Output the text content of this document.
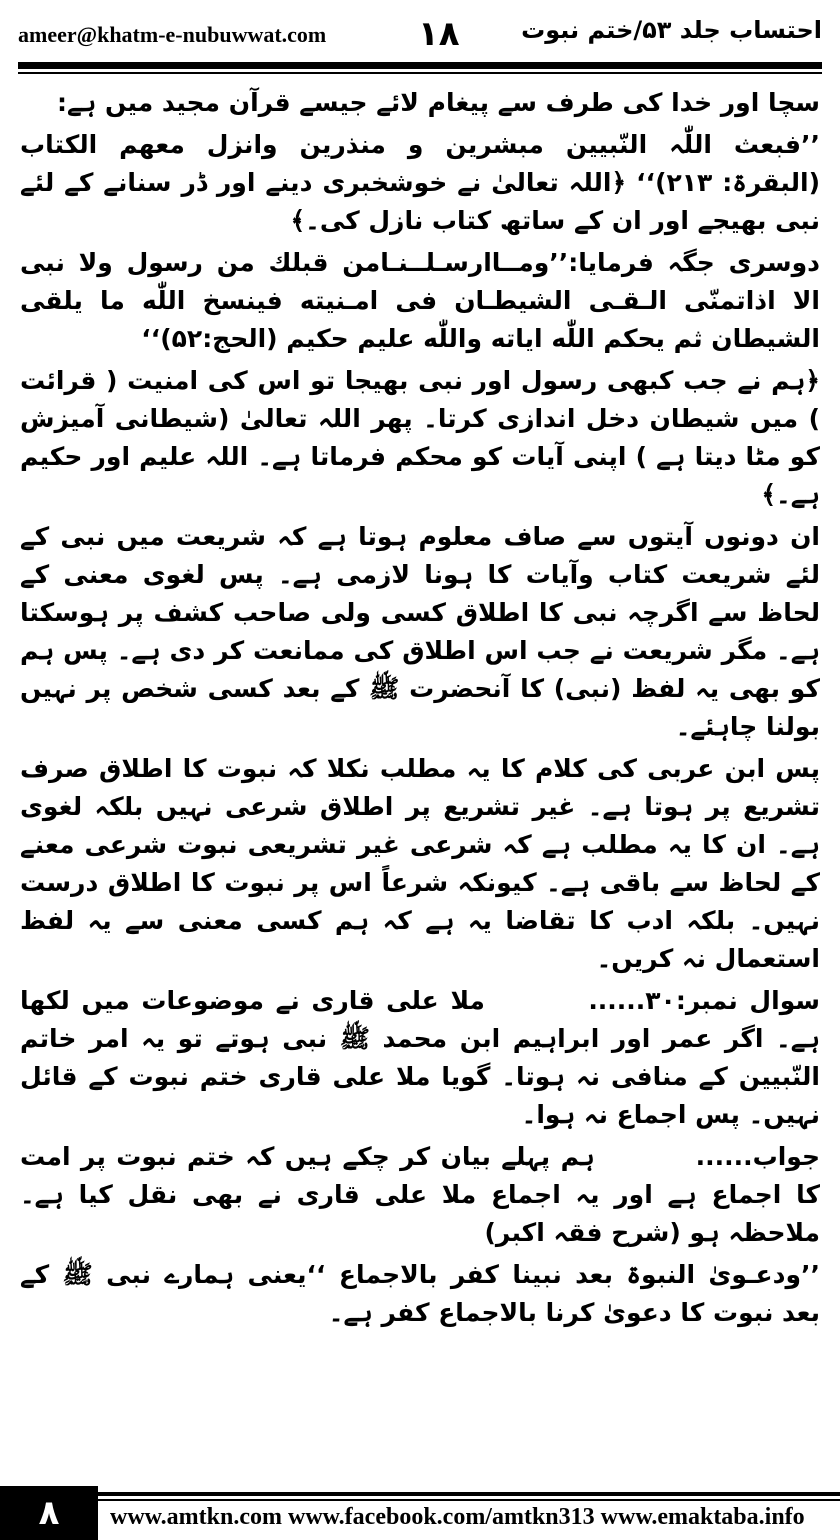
ameer@khatm-e-nubuwwat.com	١٨	احتساب جلد ۵۳/ختم نبوت

سچا اور خدا کی طرف سے پیغام لائے جیسے قرآن مجید میں ہے:

’’فبعث اللّٰہ النّبیین مبشرین و منذرین وانزل معھم الکتاب (البقرۃ: ۲۱۳)‘‘ ﴿اللہ تعالیٰ نے خوشخبری دینے اور ڈر سنانے کے لئے نبی بھیجے اور ان کے ساتھ کتاب نازل کی۔﴾

دوسری جگہ فرمایا:’’ومــاارسـلــنـامن قبلك من رسول ولا نبی الا اذاتمنّی الـقـی الشیطـان فی امـنیته فینسخ اللّٰه ما یلقی الشیطان ثم یحکم اللّٰه ایاته واللّٰه علیم حکیم (الحج:۵۲)‘‘

﴿ہم نے جب کبھی رسول اور نبی بھیجا تو اس کی امنیت ( قرائت ) میں شیطان دخل اندازی کرتا۔ پھر اللہ تعالیٰ (شیطانی آمیزش کو مٹا دیتا ہے ) اپنی آیات کو محکم فرماتا ہے۔ اللہ علیم اور حکیم ہے۔﴾

ان دونوں آیتوں سے صاف معلوم ہوتا ہے کہ شریعت میں نبی کے لئے شریعت کتاب وآیات کا ہونا لازمی ہے۔ پس لغوی معنی کے لحاظ سے اگرچہ نبی کا اطلاق کسی ولی صاحب کشف پر ہوسکتا ہے۔ مگر شریعت نے جب اس اطلاق کی ممانعت کر دی ہے۔ پس ہم کو بھی یہ لفظ (نبی) کا آنحضرت ﷺ کے بعد کسی شخص پر نہیں بولنا چاہئے۔

پس ابن عربی کی کلام کا یہ مطلب نکلا کہ نبوت کا اطلاق صرف تشریع پر ہوتا ہے۔ غیر تشریع پر اطلاق شرعی نہیں بلکہ لغوی ہے۔ ان کا یہ مطلب ہے کہ شرعی غیر تشریعی نبوت شرعی معنے کے لحاظ سے باقی ہے۔ کیونکہ شرعاً اس پر نبوت کا اطلاق درست نہیں۔ بلکہ ادب کا تقاضا یہ ہے کہ ہم کسی معنی سے یہ لفظ استعمال نہ کریں۔

سوال نمبر:۳۰......  ملا علی قاری نے موضوعات میں لکھا ہے۔ اگر عمر اور ابراہیم ابن محمد ﷺ نبی ہوتے تو یہ امر خاتم النّبیین کے منافی نہ ہوتا۔ گویا ملا علی قاری ختم نبوت کے قائل نہیں۔ پس اجماع نہ ہوا۔

جواب......  ہم پہلے بیان کر چکے ہیں کہ ختم نبوت پر امت کا اجماع ہے اور یہ اجماع ملا علی قاری نے بھی نقل کیا ہے۔ ملاحظہ ہو (شرح فقہ اکبر)

’’ودعـویٰ النبوۃ بعد نبینا کفر بالاجماع ‘‘یعنی ہمارے نبی ﷺ کے بعد نبوت کا دعویٰ کرنا بالاجماع کفر ہے۔

٨	www.amtkn.com www.facebook.com/amtkn313 www.emaktaba.info
